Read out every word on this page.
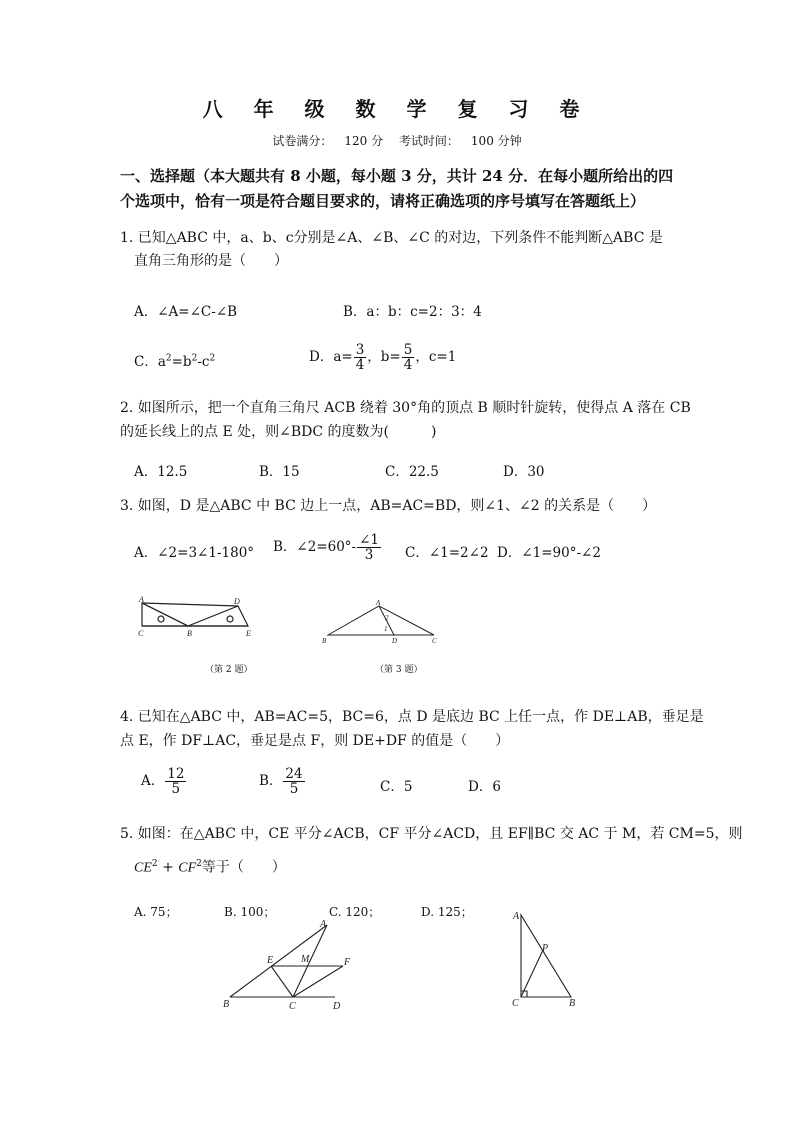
八 年 级 数 学 复 习 卷
试卷满分： 120 分 考试时间： 100 分钟
一、选择题（本大题共有 8 小题，每小题 3 分，共计 24 分．在每小题所给出的四个选项中，恰有一项是符合题目要求的，请将正确选项的序号填写在答题纸上）
1. 已知△ABC 中，a、b、c分别是∠A、∠B、∠C 的对边，下列条件不能判断△ABC 是
直角三角形的是（　　）
A．∠A=∠C-∠B	B．a：b：c=2：3：4
C．$a^2=b^2-c^2$	D．$a= \frac{3}{4}$ ，$b= \frac{5}{4}$ ，c=1
2. 如图所示，把一个直角三角尺 ACB 绕着 30°角的顶点 B 顺时针旋转，使得点 A 落在 CB
的延长线上的点 E 处，则∠BDC 的度数为(　　　)
A．12.5	B．15	C．22.5	D．30
3. 如图，D 是△ABC 中 BC 边上一点，AB=AC=BD，则∠1、∠2 的关系是（　　）
A．∠2=3∠1-180° B．∠2=60°- $\frac{\angle 1}{3}$ C．∠1=2∠2 D．∠1=90°-∠2
A	D
C	B	E
（第 2 题）
A
B	C
D
1
2
（第 3 题）
4. 已知在△ABC 中，AB=AC=5，BC=6，点 D 是底边 BC 上任一点，作 DE⊥AB，垂足是
点 E，作 DF⊥AC，垂足是点 F，则 DE+DF 的值是（　　）
A． $\frac{12}{5}$	B． $\frac{24}{5}$	C．5	D．6
5. 如图：在△ABC 中，CE 平分∠ACB，CF 平分∠ACD，且 EF∥BC 交 AC 于 M，若 CM=5，则
$CE^2 + CF^2$等于（　　）
A. 75；	B. 100；	C. 120；	D. 125；
A
E	M	F
B	C	D
A
P
C	B
